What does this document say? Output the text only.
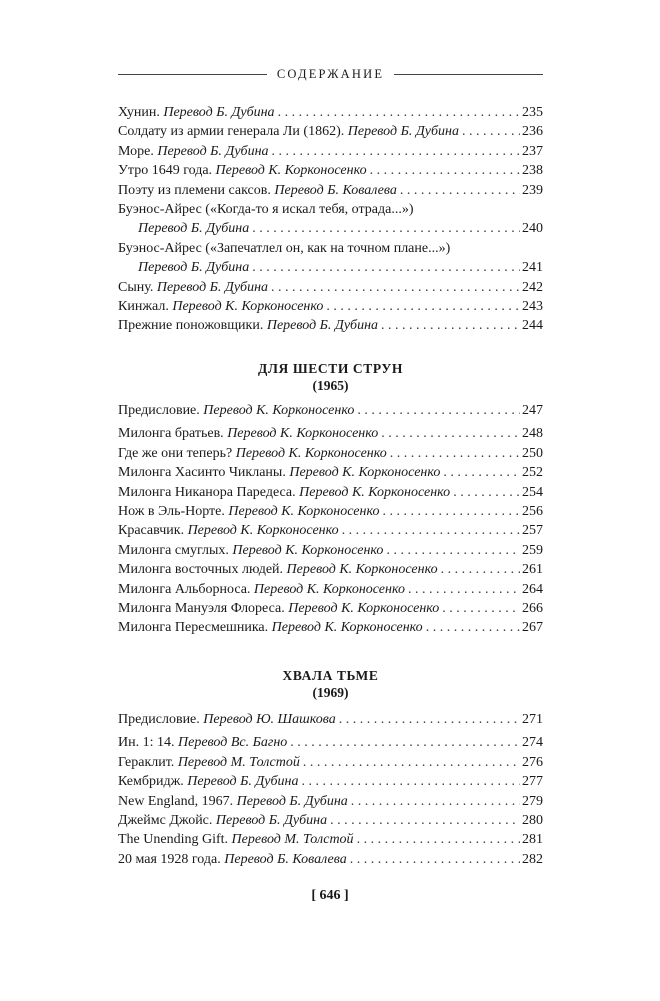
СОДЕРЖАНИЕ
Хунин. Перевод Б. Дубина . . .	235
Солдату из армии генерала Ли (1862). Перевод Б. Дубина . . .	236
Море. Перевод Б. Дубина . . .	237
Утро 1649 года. Перевод К. Корконосенко . . .	238
Поэту из племени саксов. Перевод Б. Ковалева . . .	239
Буэнос-Айрес («Когда-то я искал тебя, отрада...»)
Перевод Б. Дубина . . .	240
Буэнос-Айрес («Запечатлел он, как на точном плане...»)
Перевод Б. Дубина . . .	241
Сыну. Перевод Б. Дубина . . .	242
Кинжал. Перевод К. Корконосенко . . .	243
Прежние поножовщики. Перевод Б. Дубина . . .	244
ДЛЯ ШЕСТИ СТРУН
(1965)
Предисловие. Перевод К. Корконосенко . . .	247
Милонга братьев. Перевод К. Корконосенко . . .	248
Где же они теперь? Перевод К. Корконосенко . . .	250
Милонга Хасинто Чикланы. Перевод К. Корконосенко . . .	252
Милонга Никанора Паредеса. Перевод К. Корконосенко . . .	254
Нож в Эль-Норте. Перевод К. Корконосенко . . .	256
Красавчик. Перевод К. Корконосенко . . .	257
Милонга смуглых. Перевод К. Корконосенко . . .	259
Милонга восточных людей. Перевод К. Корконосенко . . .	261
Милонга Альборноса. Перевод К. Корконосенко . . .	264
Милонга Мануэля Флореса. Перевод К. Корконосенко . . .	266
Милонга Пересмешника. Перевод К. Корконосенко . . .	267
ХВАЛА ТЬМЕ
(1969)
Предисловие. Перевод Ю. Шашкова . . .	271
Ин. 1: 14. Перевод Вс. Багно . . .	274
Гераклит. Перевод М. Толстой . . .	276
Кембридж. Перевод Б. Дубина . . .	277
New England, 1967. Перевод Б. Дубина . . .	279
Джеймс Джойс. Перевод Б. Дубина . . .	280
The Unending Gift. Перевод М. Толстой . . .	281
20 мая 1928 года. Перевод Б. Ковалева . . .	282
[ 646 ]
